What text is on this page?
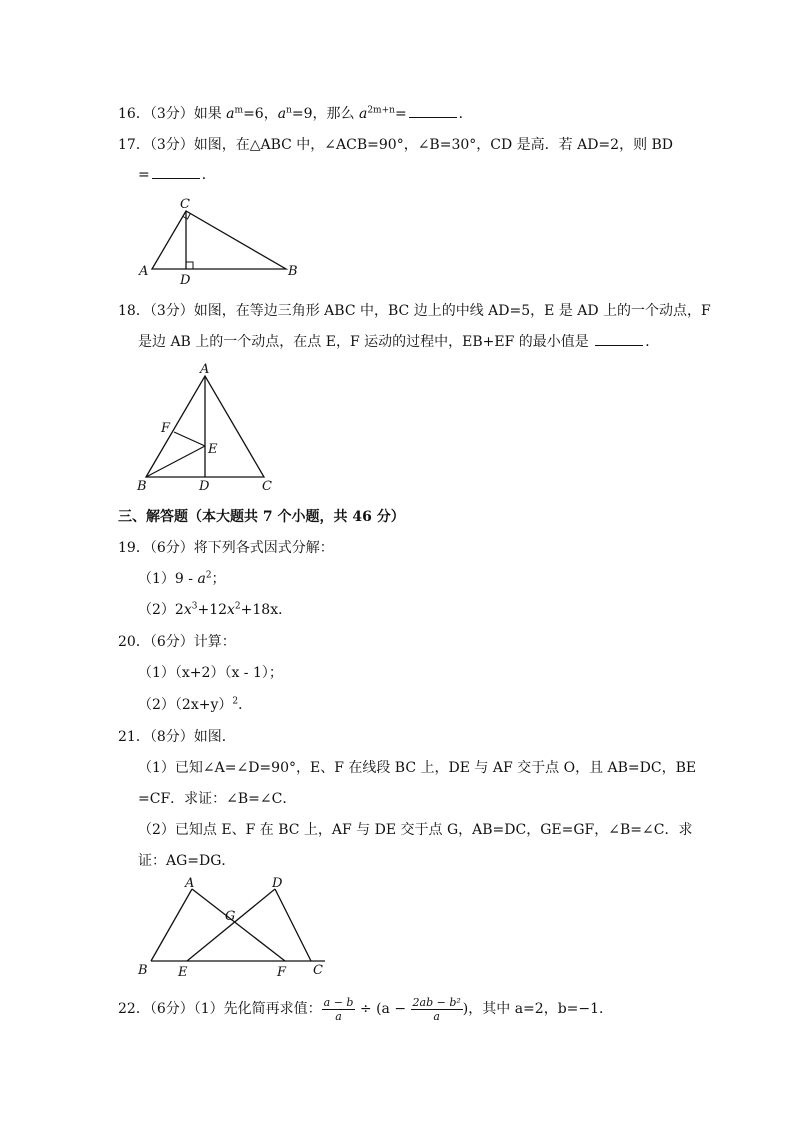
16．（3分）如果 $a^m=6$，$a^n=9$，那么 $a^{2m+n}=$	．
17．（3分）如图，在△ABC 中，∠ACB=90°，∠B=30°，CD 是高．若 AD=2，则 BD
=	．
C
A
D
B
18．（3分）如图，在等边三角形 ABC 中，BC 边上的中线 AD=5，E 是 AD 上的一个动点，F
是边 AB 上的一个动点，在点 E，F 运动的过程中，EB+EF 的最小值是	．
A
F
E
B	D	C
三、解答题（本大题共 7 个小题，共 46 分）
19．（6分）将下列各式因式分解：
$(1)9 - a^2$；
$(2)2x^3+12x^2+18x$．
20．（6分）计算：
（1）（x+2）（x - 1）；
$(2)(2x+y)^2$．
21．（8分）如图．
（1）已知∠A=∠D=90°，E、F 在线段 BC 上，DE 与 AF 交于点 O，且 AB=DC，BE
=CF．求证：∠B=∠C．
（2）已知点 E、F 在 BC 上，AF 与 DE 交于点 G，AB=DC，GE=GF，∠B=∠C．求
证：AG=DG．
A	D
G
B E	F C
22．（6分）（1）先化简再求值： $\frac{a - b}{a} \div (a - \frac{\text{2ab − b²}}{a}$ )，其中 a=2，b=−1．
